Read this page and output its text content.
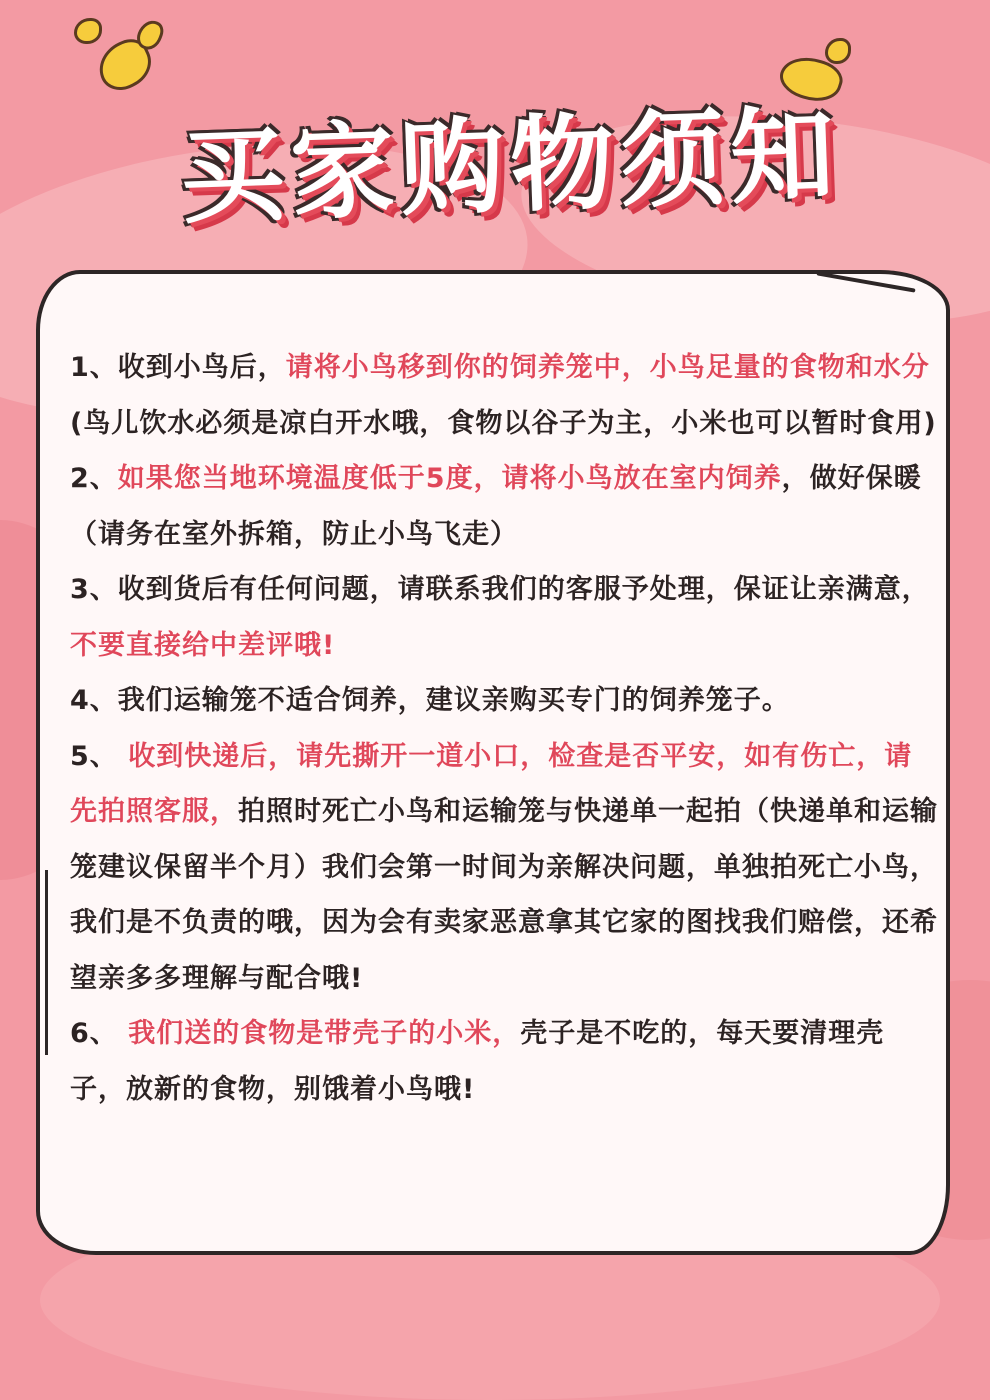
买家购物须知

1、收到小鸟后，请将小鸟移到你的饲养笼中，小鸟足量的食物和水分(鸟儿饮水必须是凉白开水哦，食物以谷子为主，小米也可以暂时食用)

2、如果您当地环境温度低于5度，请将小鸟放在室内饲养，做好保暖（请务在室外拆箱，防止小鸟飞走）

3、收到货后有任何问题，请联系我们的客服予处理，保证让亲满意，不要直接给中差评哦!

4、我们运输笼不适合饲养，建议亲购买专门的饲养笼子。

5、 收到快递后，请先撕开一道小口，检查是否平安，如有伤亡，请先拍照客服，拍照时死亡小鸟和运输笼与快递单一起拍（快递单和运输笼建议保留半个月）我们会第一时间为亲解决问题，单独拍死亡小鸟，我们是不负责的哦，因为会有卖家恶意拿其它家的图找我们赔偿，还希望亲多多理解与配合哦!

6、 我们送的食物是带壳子的小米，壳子是不吃的，每天要清理壳子，放新的食物，别饿着小鸟哦!
